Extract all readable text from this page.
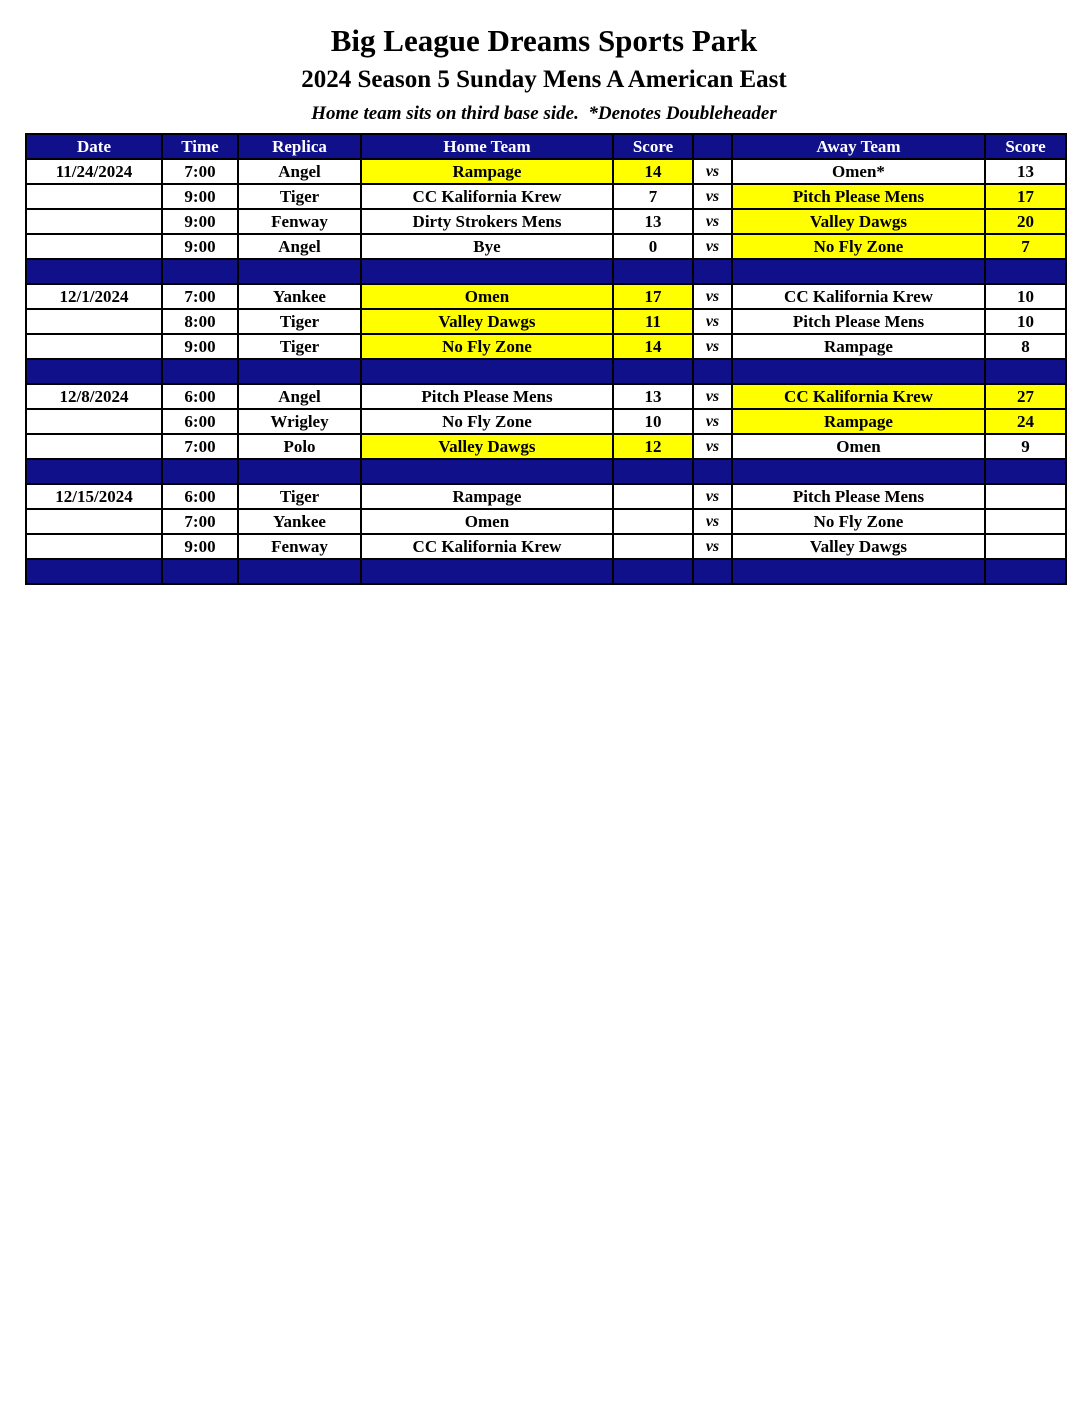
Big League Dreams Sports Park
2024 Season 5 Sunday Mens A American East
Home team sits on third base side.  *Denotes Doubleheader
Date	Time	Replica	Home Team	Score		Away Team	Score
11/24/2024	7:00	Angel	Rampage	14	vs	Omen*	13
	9:00	Tiger	CC Kalifornia Krew	7	vs	Pitch Please Mens	17
	9:00	Fenway	Dirty Strokers Mens	13	vs	Valley Dawgs	20
	9:00	Angel	Bye	0	vs	No Fly Zone	7

12/1/2024	7:00	Yankee	Omen	17	vs	CC Kalifornia Krew	10
	8:00	Tiger	Valley Dawgs	11	vs	Pitch Please Mens	10
	9:00	Tiger	No Fly Zone	14	vs	Rampage	8

12/8/2024	6:00	Angel	Pitch Please Mens	13	vs	CC Kalifornia Krew	27
	6:00	Wrigley	No Fly Zone	10	vs	Rampage	24
	7:00	Polo	Valley Dawgs	12	vs	Omen	9

12/15/2024	6:00	Tiger	Rampage		vs	Pitch Please Mens	
	7:00	Yankee	Omen		vs	No Fly Zone	
	9:00	Fenway	CC Kalifornia Krew		vs	Valley Dawgs	
